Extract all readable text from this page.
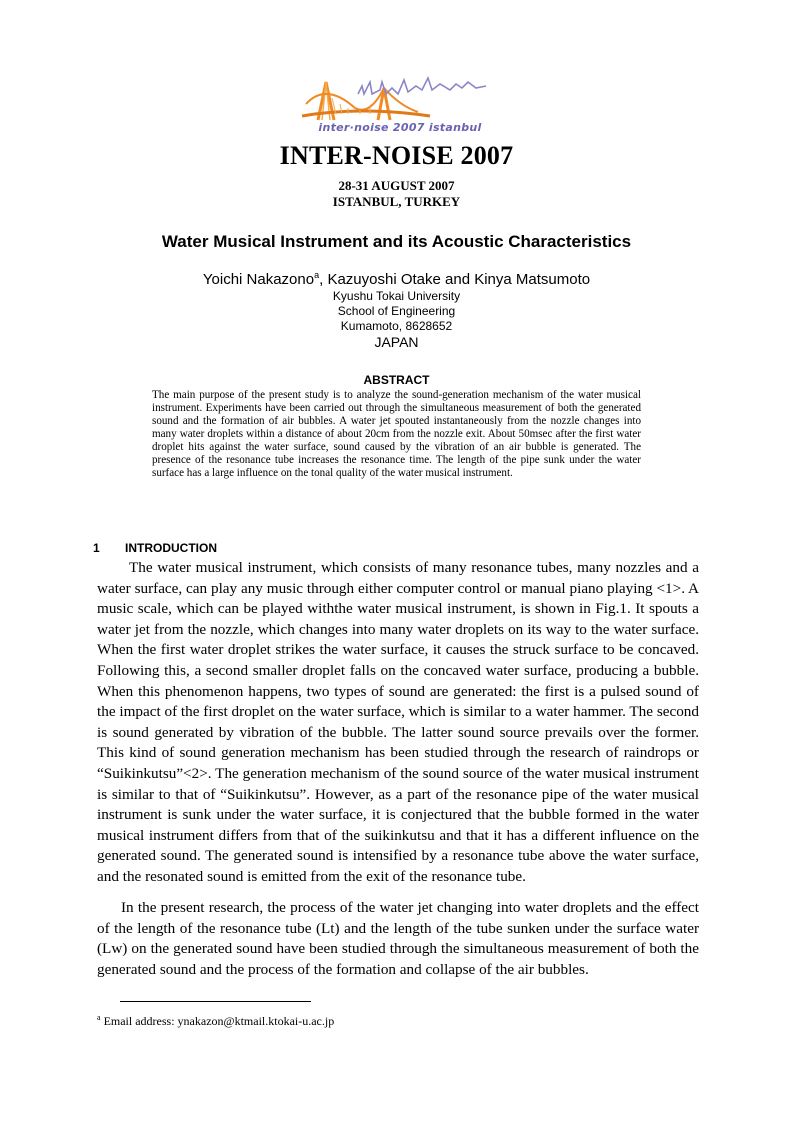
inter·noise 2007 istanbul
INTER-NOISE 2007
28-31 AUGUST 2007
ISTANBUL, TURKEY
Water Musical Instrument and its Acoustic Characteristics
Yoichi Nakazono$^a$, Kazuyoshi Otake and Kinya Matsumoto
Kyushu Tokai University
School of Engineering
Kumamoto, 8628652
JAPAN
ABSTRACT
The main purpose of the present study is to analyze the sound-generation mechanism of the water musical instrument. Experiments have been carried out through the simultaneous measurement of both the generated sound and the formation of air bubbles. A water jet spouted instantaneously from the nozzle changes into many water droplets within a distance of about 20cm from the nozzle exit. About 50msec after the first water droplet hits against the water surface, sound caused by the vibration of an air bubble is generated. The presence of the resonance tube increases the resonance time. The length of the pipe sunk under the water surface has a large influence on the tonal quality of the water musical instrument.
1 INTRODUCTION

The water musical instrument, which consists of many resonance tubes, many nozzles and a water surface, can play any music through either computer control or manual piano playing <1>. A music scale, which can be played withthe water musical instrument, is shown in Fig.1. It spouts a water jet from the nozzle, which changes into many water droplets on its way to the water surface. When the first water droplet strikes the water surface, it causes the struck surface to be concaved. Following this, a second smaller droplet falls on the concaved water surface, producing a bubble. When this phenomenon happens, two types of sound are generated: the first is a pulsed sound of the impact of the first droplet on the water surface, which is similar to a water hammer. The second is sound generated by vibration of the bubble. The latter sound source prevails over the former. This kind of sound generation mechanism has been studied through the research of raindrops or “Suikinkutsu”<2>. The generation mechanism of the sound source of the water musical instrument is similar to that of “Suikinkutsu”. However, as a part of the resonance pipe of the water musical instrument is sunk under the water surface, it is conjectured that the bubble formed in the water musical instrument differs from that of the suikinkutsu and that it has a different influence on the generated sound. The generated sound is intensified by a resonance tube above the water surface, and the resonated sound is emitted from the exit of the resonance tube.

In the present research, the process of the water jet changing into water droplets and the effect of the length of the resonance tube (Lt) and the length of the tube sunken under the surface water (Lw) on the generated sound have been studied through the simultaneous measurement of both the generated sound and the process of the formation and collapse of the air bubbles.

$^a$ Email address: ynakazon@ktmail.ktokai-u.ac.jp
